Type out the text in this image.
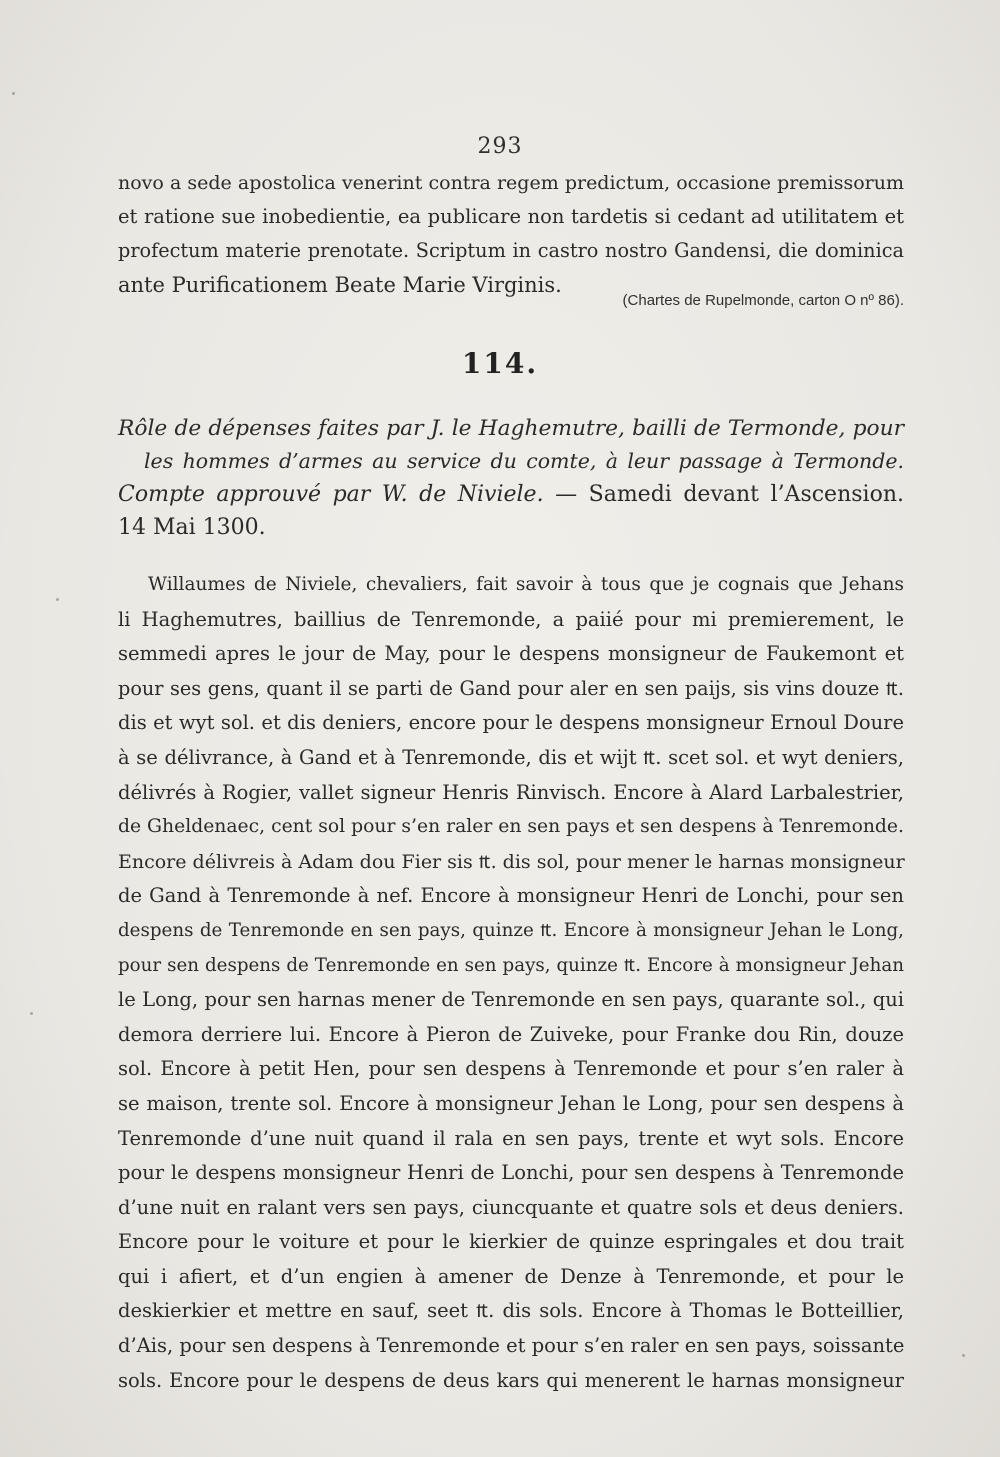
293
novo a sede apostolica venerint contra regem predictum, occasione premissorum
et ratione sue inobedientie, ea publicare non tardetis si cedant ad utilitatem et
profectum materie prenotate. Scriptum in castro nostro Gandensi, die dominica
ante Purificationem Beate Marie Virginis.
(Chartes de Rupelmonde, carton O nº 86).
114.
Rôle de dépenses faites par J. le Haghemutre, bailli de Termonde, pour
les hommes d’armes au service du comte, à leur passage à Termonde.
Compte approuvé par W. de Niviele. — Samedi devant l’Ascension.
14 Mai 1300.
Willaumes de Niviele, chevaliers, fait savoir à tous que je cognais que Jehans
li Haghemutres, baillius de Tenremonde, a paiié pour mi premierement, le
semmedi apres le jour de May, pour le despens monsigneur de Faukemont et
pour ses gens, quant il se parti de Gand pour aler en sen paijs, sis vins douze ₶.
dis et wyt sol. et dis deniers, encore pour le despens monsigneur Ernoul Doure
à se délivrance, à Gand et à Tenremonde, dis et wijt ₶. scet sol. et wyt deniers,
délivrés à Rogier, vallet signeur Henris Rinvisch. Encore à Alard Larbalestrier,
de Gheldenaec, cent sol pour s’en raler en sen pays et sen despens à Tenremonde.
Encore délivreis à Adam dou Fier sis ₶. dis sol, pour mener le harnas monsigneur
de Gand à Tenremonde à nef. Encore à monsigneur Henri de Lonchi, pour sen
despens de Tenremonde en sen pays, quinze ₶. Encore à monsigneur Jehan le Long,
pour sen despens de Tenremonde en sen pays, quinze ₶. Encore à monsigneur Jehan
le Long, pour sen harnas mener de Tenremonde en sen pays, quarante sol., qui
demora derriere lui. Encore à Pieron de Zuiveke, pour Franke dou Rin, douze
sol. Encore à petit Hen, pour sen despens à Tenremonde et pour s’en raler à
se maison, trente sol. Encore à monsigneur Jehan le Long, pour sen despens à
Tenremonde d’une nuit quand il rala en sen pays, trente et wyt sols. Encore
pour le despens monsigneur Henri de Lonchi, pour sen despens à Tenremonde
d’une nuit en ralant vers sen pays, ciuncquante et quatre sols et deus deniers.
Encore pour le voiture et pour le kierkier de quinze espringales et dou trait
qui i afiert, et d’un engien à amener de Denze à Tenremonde, et pour le
deskierkier et mettre en sauf, seet ₶. dis sols. Encore à Thomas le Botteillier,
d’Ais, pour sen despens à Tenremonde et pour s’en raler en sen pays, soissante
sols. Encore pour le despens de deus kars qui menerent le harnas monsigneur
